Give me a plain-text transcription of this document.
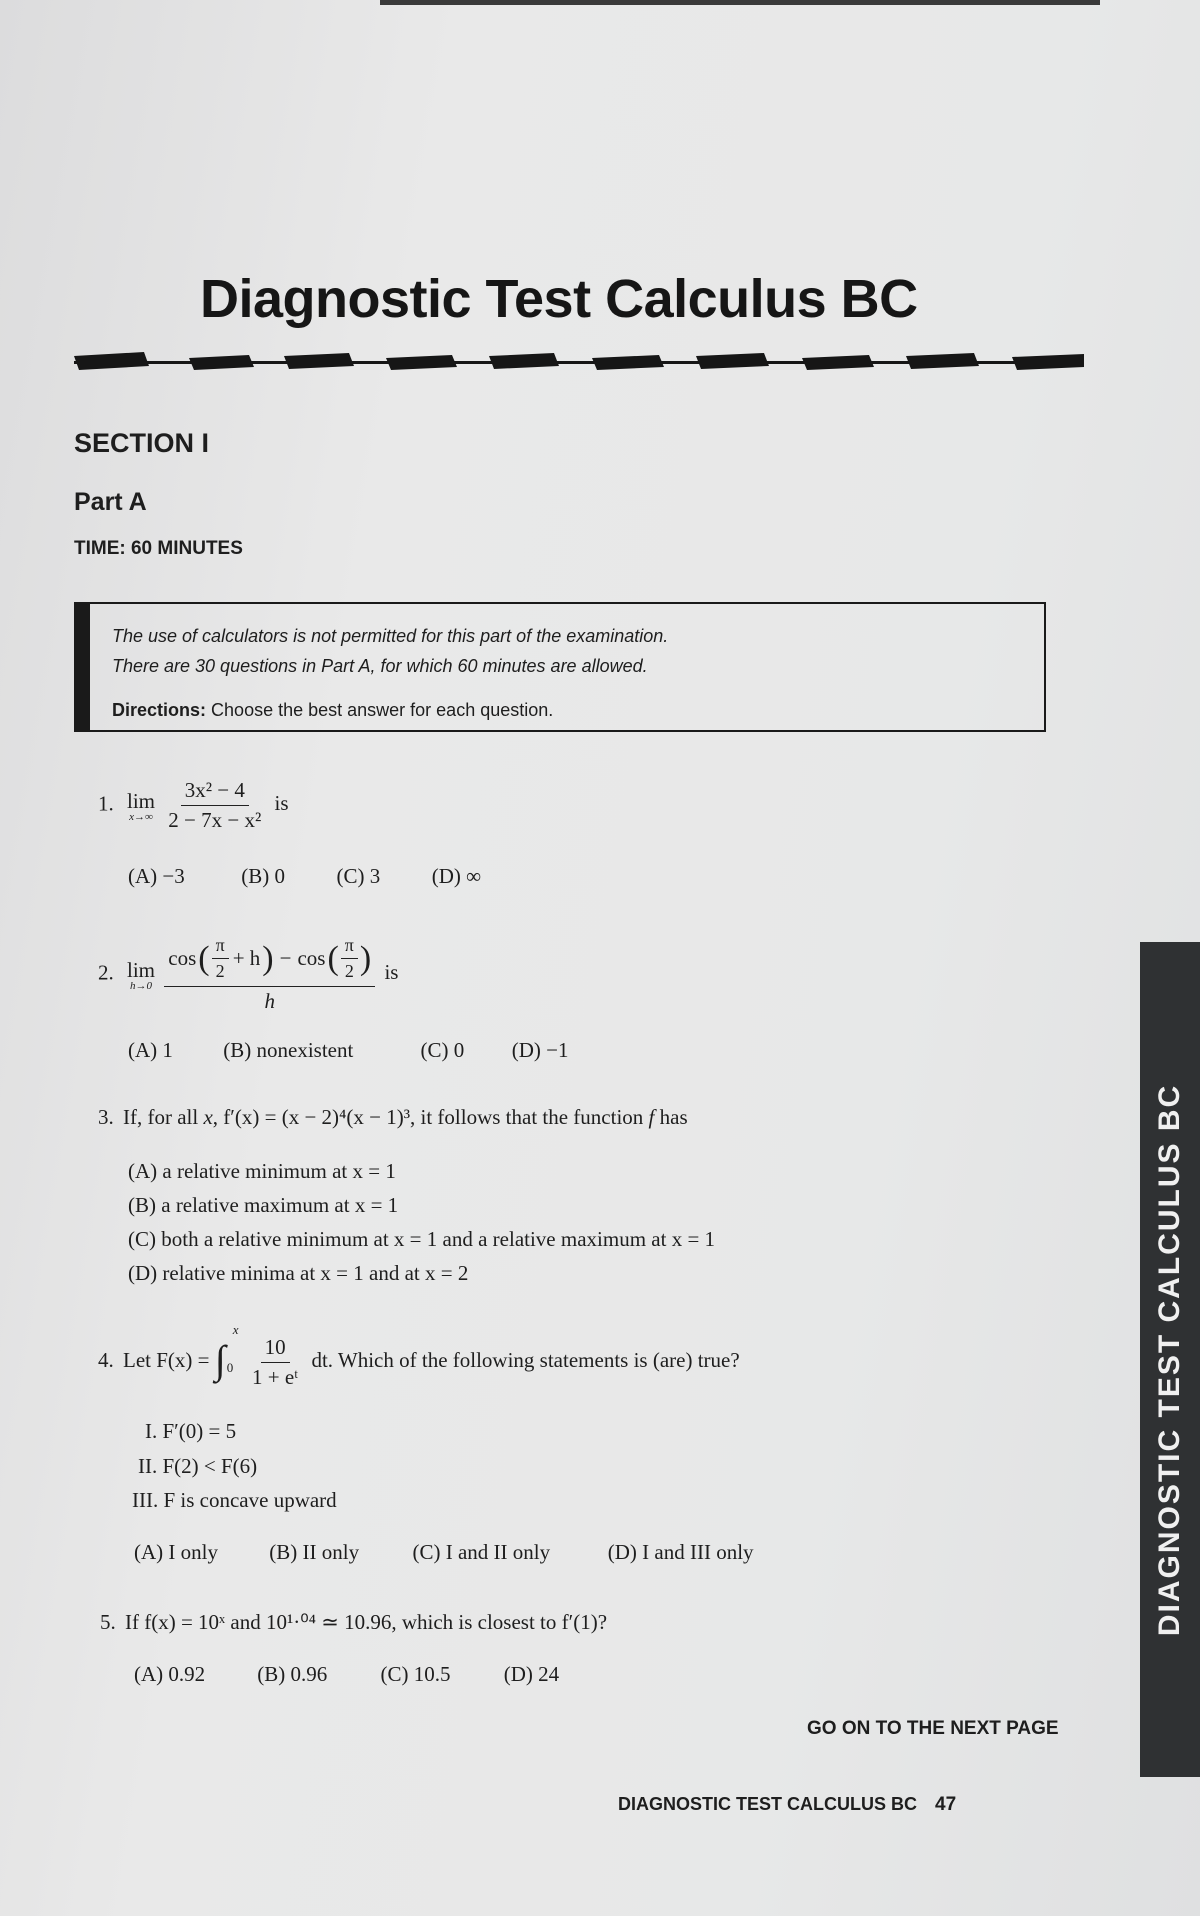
Diagnostic Test Calculus BC
SECTION I
Part A
TIME: 60 MINUTES
The use of calculators is not permitted for this part of the examination.
There are 30 questions in Part A, for which 60 minutes are allowed.
Directions: Choose the best answer for each question.
1. lim
x→∞
$\frac{\text{3x² − 4}}{\text{2 − 7x − x²}}$ is
(A) −3	(B) 0 (C) 3 (D) ∞
2. lim
h→0

cos ( $\frac{\pi}{2} + h$ ) − cos ( $\frac{\pi}{2}$ )
h
is
(A) 1 (B) nonexistent	(C) 0 (D) −1
3. If, for all x, f′(x) = (x − 2)⁴(x − 1)³, it follows that the function f has
(A) a relative minimum at x = 1
(B) a relative maximum at x = 1
(C) both a relative minimum at x = 1 and a relative maximum at x = 1
(D) relative minima at x = 1 and at x = 2
4. Let F(x) = ∫
x
0
$\frac{10}{\text{1 + eᵗ}}$ dt. Which of the following statements is (are) true?
I. F′(0) = 5
II. F(2) < F(6)
III. F is concave upward
(A) I only (B) II only	(C) I and II only	(D) I and III only
5. If f(x) = 10ˣ and 10¹·⁰⁴ ≃ 10.96, which is closest to f′(1)?
(A) 0.92 (B) 0.96	(C) 10.5	(D) 24
GO ON TO THE NEXT PAGE
DIAGNOSTIC TEST CALCULUS BC 47
DIAGNOSTIC TEST CALCULUS BC
